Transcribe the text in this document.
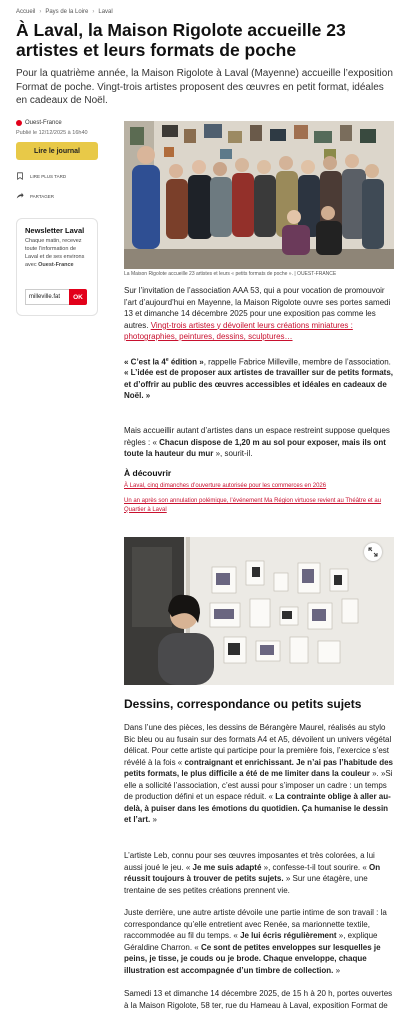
Accueil › Pays de la Loire › Laval
À Laval, la Maison Rigolote accueille 23 artistes et leurs formats de poche

Pour la quatrième année, la Maison Rigolote à Laval (Mayenne) accueille l’exposition Format de poche. Vingt-trois artistes proposent des œuvres en petit format, idéales en cadeaux de Noël.

Ouest-France
Publié le 12/12/2025 à 16h40
Lire le journal
LIRE PLUS TARD
PARTAGER

Newsletter Laval

Chaque matin, recevez toute l’information de Laval et de ses environs avec Ouest-France

milleville.fat	OK
La Maison Rigolote accueille 23 artistes et leurs « petits formats de poche ». | OUEST-FRANCE

Sur l’invitation de l’association AAA 53, qui a pour vocation de promouvoir l’art d’aujourd’hui en Mayenne, la Maison Rigolote ouvre ses portes samedi 13 et dimanche 14 décembre 2025 pour une exposition pas comme les autres. Vingt-trois artistes y dévoilent leurs créations miniatures : photographies, peintures, dessins, sculptures…

« C’est la 4e édition », rappelle Fabrice Milleville, membre de l’association.

« L’idée est de proposer aux artistes de travailler sur de petits formats, et d’offrir au public des œuvres accessibles et idéales en cadeaux de Noël. »

Mais accueillir autant d’artistes dans un espace restreint suppose quelques règles : « Chacun dispose de 1,20 m au sol pour exposer, mais ils ont toute la hauteur du mur », sourit-il.

À découvrir

À Laval, cinq dimanches d’ouverture autorisée pour les commerces en 2026

Un an après son annulation polémique, l’événement Ma Région virtuose revient au Théâtre et au Quartier à Laval

Dessins, correspondance ou petits sujets

Dans l’une des pièces, les dessins de Bérangère Maurel, réalisés au stylo Bic bleu ou au fusain sur des formats A4 et A5, dévoilent un univers végétal délicat. Pour cette artiste qui participe pour la première fois, l’exercice s’est révélé à la fois « contraignant et enrichissant. Je n’ai pas l’habitude des petits formats, le plus difficile a été de me limiter dans la couleur ». »Si elle a sollicité l’association, c’est aussi pour s’imposer un cadre : un temps de production défini et un espace réduit. « La contrainte oblige à aller au-delà, à puiser dans les émotions du quotidien. Ça humanise le dessin et l’art. »

L’artiste Leb, connu pour ses œuvres imposantes et très colorées, a lui aussi joué le jeu. « Je me suis adapté », confesse-t-il tout sourire. « On réussit toujours à trouver de petits sujets. » Sur une étagère, une trentaine de ses petites créations prennent vie.

Juste derrière, une autre artiste dévoile une partie intime de son travail : la correspondance qu’elle entretient avec Renée, sa marionnette textile, raccommodée au fil du temps. « Je lui écris régulièrement », explique Géraldine Charron. « Ce sont de petites enveloppes sur lesquelles je peins, je tisse, je couds ou je brode. Chaque enveloppe, chaque illustration est accompagnée d’un timbre de collection. »

Samedi 13 et dimanche 14 décembre 2025, de 15 h à 20 h, portes ouvertes à la Maison Rigolote, 58 ter, rue du Hameau à Laval, exposition Format de
